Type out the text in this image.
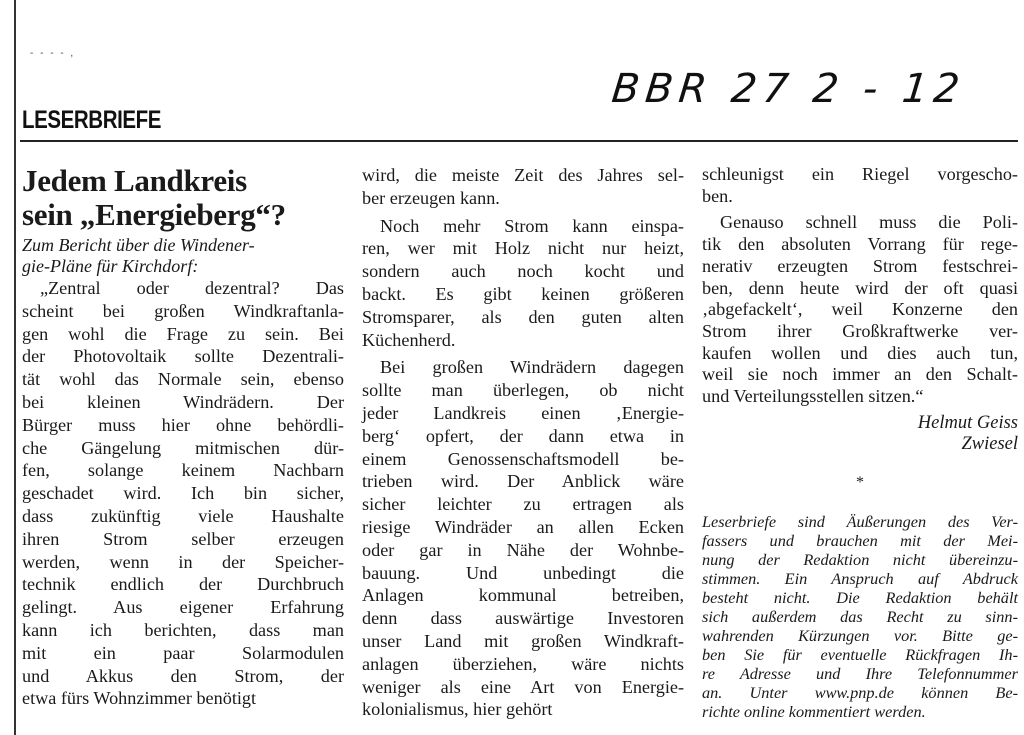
- - - - ,
BBR 27 2 - 12
LESERBRIEFE
Jedem Landkreis
sein „Energieberg“?
Zum Bericht über die Windener-
gie-Pläne für Kirchdorf:
„Zentral oder dezentral? Das
scheint bei großen Windkraftanla-
gen wohl die Frage zu sein. Bei
der Photovoltaik sollte Dezentrali-
tät wohl das Normale sein, ebenso
bei kleinen Windrädern. Der
Bürger muss hier ohne behördli-
che Gängelung mitmischen dür-
fen, solange keinem Nachbarn
geschadet wird. Ich bin sicher,
dass zukünftig viele Haushalte
ihren Strom selber erzeugen
werden, wenn in der Speicher-
technik endlich der Durchbruch
gelingt. Aus eigener Erfahrung
kann ich berichten, dass man
mit ein paar Solarmodulen
und Akkus den Strom, der
etwa fürs Wohnzimmer benötigt
wird, die meiste Zeit des Jahres sel-
ber erzeugen kann.
Noch mehr Strom kann einspa-
ren, wer mit Holz nicht nur heizt,
sondern auch noch kocht und
backt. Es gibt keinen größeren
Stromsparer, als den guten alten
Küchenherd.
Bei großen Windrädern dagegen
sollte man überlegen, ob nicht
jeder Landkreis einen ‚Energie-
berg‘ opfert, der dann etwa in
einem Genossenschaftsmodell be-
trieben wird. Der Anblick wäre
sicher leichter zu ertragen als
riesige Windräder an allen Ecken
oder gar in Nähe der Wohnbe-
bauung. Und unbedingt die
Anlagen kommunal betreiben,
denn dass auswärtige Investoren
unser Land mit großen Windkraft-
anlagen überziehen, wäre nichts
weniger als eine Art von Energie-
kolonialismus, hier gehört
schleunigst ein Riegel vorgescho-
ben.
Genauso schnell muss die Poli-
tik den absoluten Vorrang für rege-
nerativ erzeugten Strom festschrei-
ben, denn heute wird der oft quasi
‚abgefackelt‘, weil Konzerne den
Strom ihrer Großkraftwerke ver-
kaufen wollen und dies auch tun,
weil sie noch immer an den Schalt-
und Verteilungsstellen sitzen.“
Helmut Geiss
Zwiesel
*
Leserbriefe sind Äußerungen des Ver-
fassers und brauchen mit der Mei-
nung der Redaktion nicht übereinzu-
stimmen. Ein Anspruch auf Abdruck
besteht nicht. Die Redaktion behält
sich außerdem das Recht zu sinn-
wahrenden Kürzungen vor. Bitte ge-
ben Sie für eventuelle Rückfragen Ih-
re Adresse und Ihre Telefonnummer
an. Unter www.pnp.de können Be-
richte online kommentiert werden.
